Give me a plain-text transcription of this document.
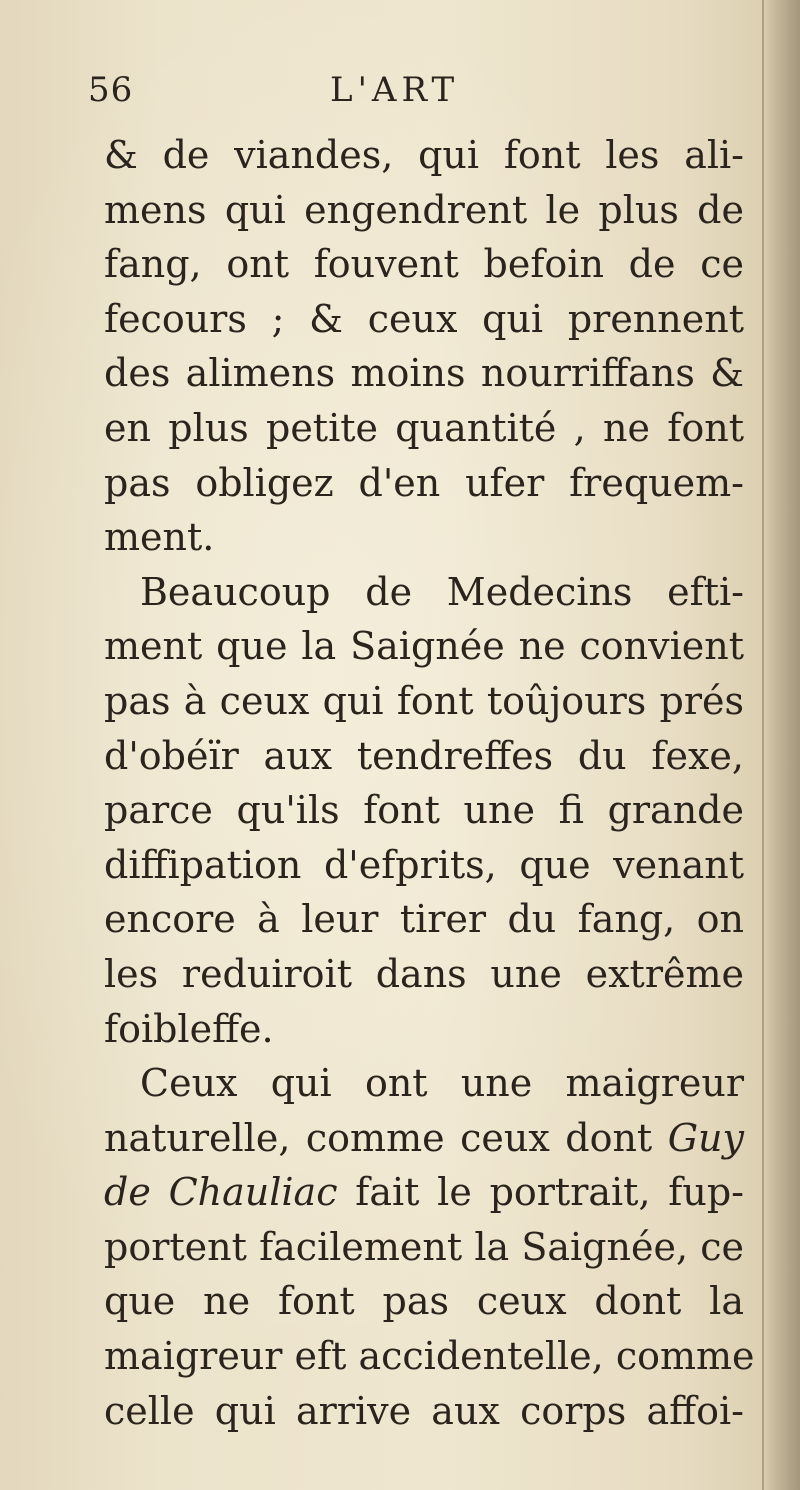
56	L'ART
& de viandes, qui font les ali-
mens qui engendrent le plus de
fang, ont fouvent befoin de ce
fecours ; & ceux qui prennent
des alimens moins nourriffans &
en plus petite quantité , ne font
pas obligez d'en ufer frequem-
ment.
Beaucoup de Medecins efti-
ment que la Saignée ne convient
pas à ceux qui font toûjours prés
d'obéïr aux tendreffes du fexe,
parce qu'ils font une fi grande
diffipation d'efprits, que venant
encore à leur tirer du fang, on
les reduiroit dans une extrême
foibleffe.
Ceux qui ont une maigreur
naturelle, comme ceux dont Guy
de Chauliac fait le portrait, fup-
portent facilement la Saignée, ce
que ne font pas ceux dont la
maigreur eft accidentelle, comme
celle qui arrive aux corps affoi-
